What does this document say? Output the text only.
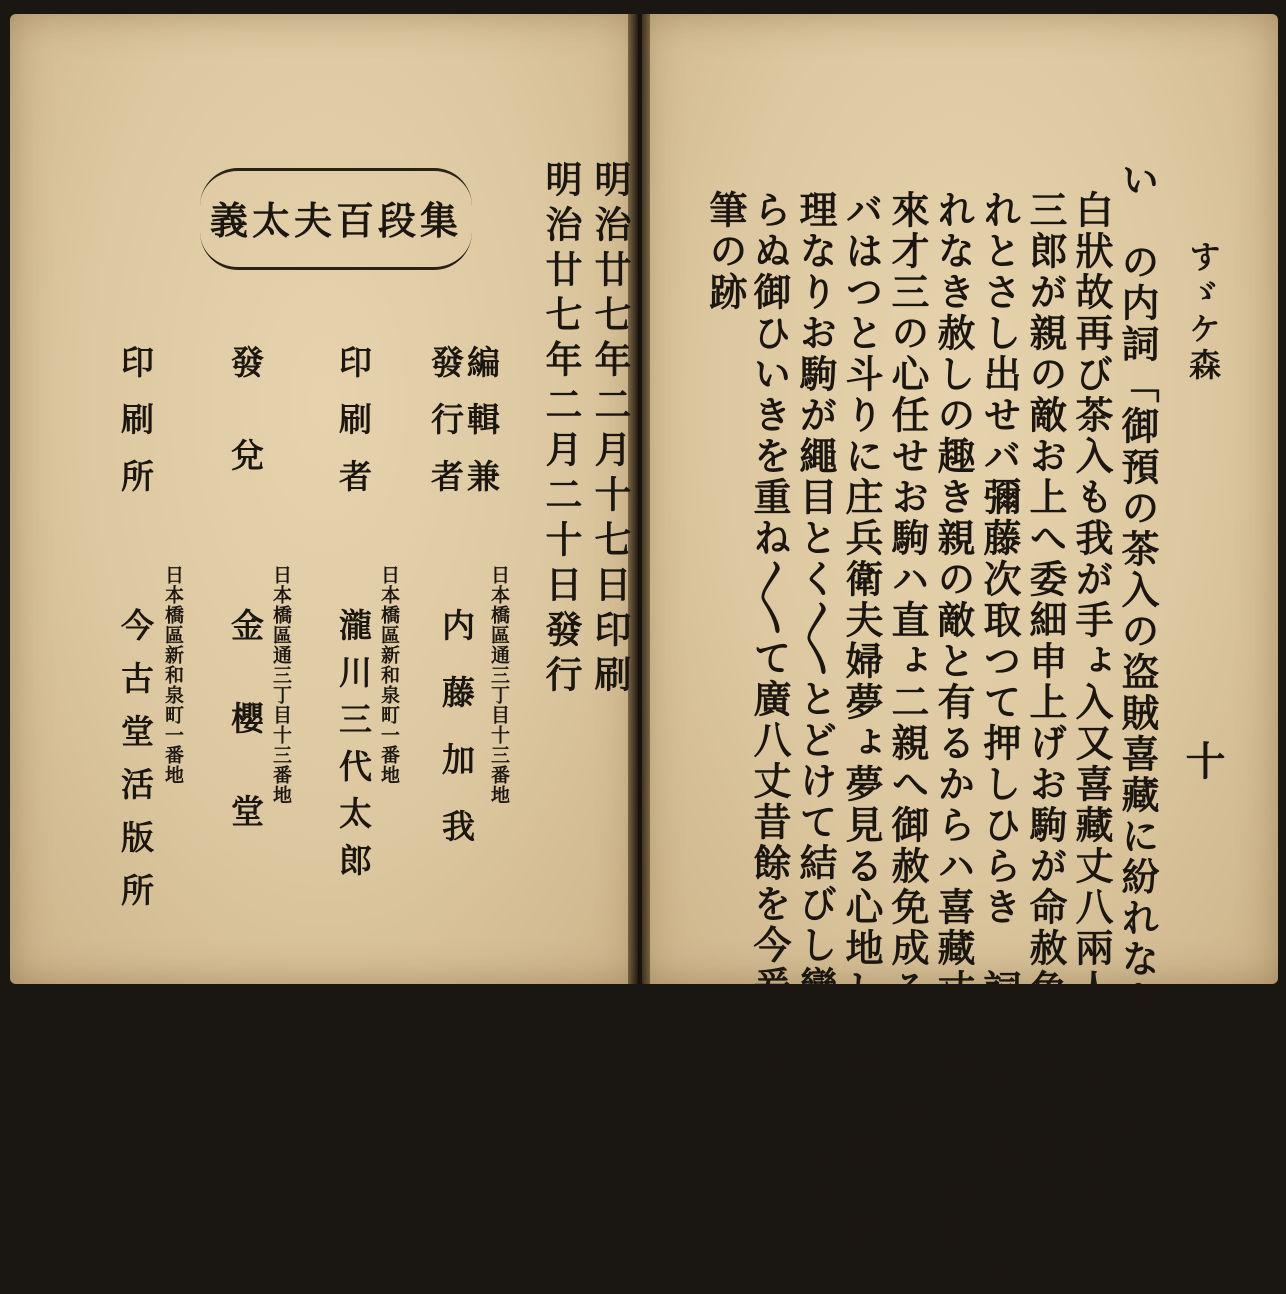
義太夫百段集	明治廿七年二月十七日印刷
明治廿七年二月二十日發行
編輯兼
發行者
日本橋區通三丁目十三番地
内藤加我
印刷者
日本橋區新和泉町一番地
瀧川三代太郎
發兌
日本橋區通三丁目十三番地
金櫻堂
印刷所
日本橋區新和泉町一番地
今古堂活版所
すゞケ森
十
い　の内詞「御預の茶入の盗賊喜藏に紛れなきよし此丈八が
白狀故再び茶入も我が手ょ入又喜藏丈八兩人ハ我が家來オ
三郎が親の敵お上へ委細申上げお駒が命赦免の狀御披見有
れとさし出せバ彌藤次取つて押しひらき　詞「成る程〱紛
れなき赦しの趣き親の敵と有るからハ喜藏丈八兩人ハ御家
來才三の心任せお駒ハ直ょ二親へ御赦免成るゾと有りけれ
バはつと斗りに庄兵衛夫婦夢ょ夢見る心地して悦び涙ゾ道
理なりお駒が繩目とく〱とどけて結びし戀娘ちよもかハ
らぬ御ひいきを重ね〱て廣八丈昔餘を今爰ょ傳へ〱し
筆の跡
